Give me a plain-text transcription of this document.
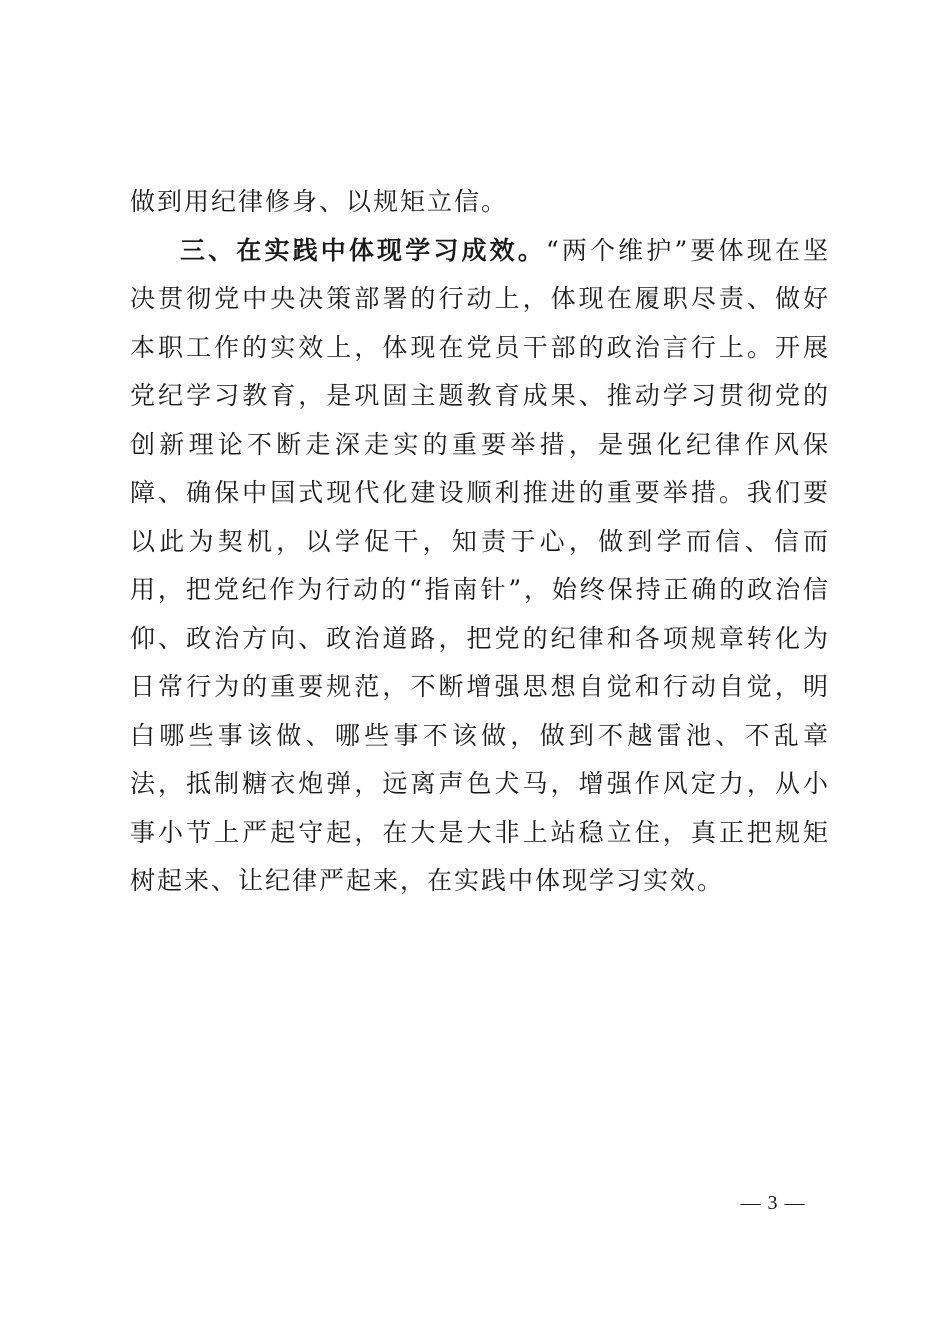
做到用纪律修身、以规矩立信。

三、在实践中体现学习成效。“两个维护”要体现在坚决贯彻党中央决策部署的行动上，体现在履职尽责、做好本职工作的实效上，体现在党员干部的政治言行上。开展党纪学习教育，是巩固主题教育成果、推动学习贯彻党的创新理论不断走深走实的重要举措，是强化纪律作风保障、确保中国式现代化建设顺利推进的重要举措。我们要以此为契机，以学促干，知责于心，做到学而信、信而用，把党纪作为行动的“指南针”，始终保持正确的政治信仰、政治方向、政治道路，把党的纪律和各项规章转化为日常行为的重要规范，不断增强思想自觉和行动自觉，明白哪些事该做、哪些事不该做，做到不越雷池、不乱章法，抵制糖衣炮弹，远离声色犬马，增强作风定力，从小事小节上严起守起，在大是大非上站稳立住，真正把规矩树起来、让纪律严起来，在实践中体现学习实效。

— 3 —
